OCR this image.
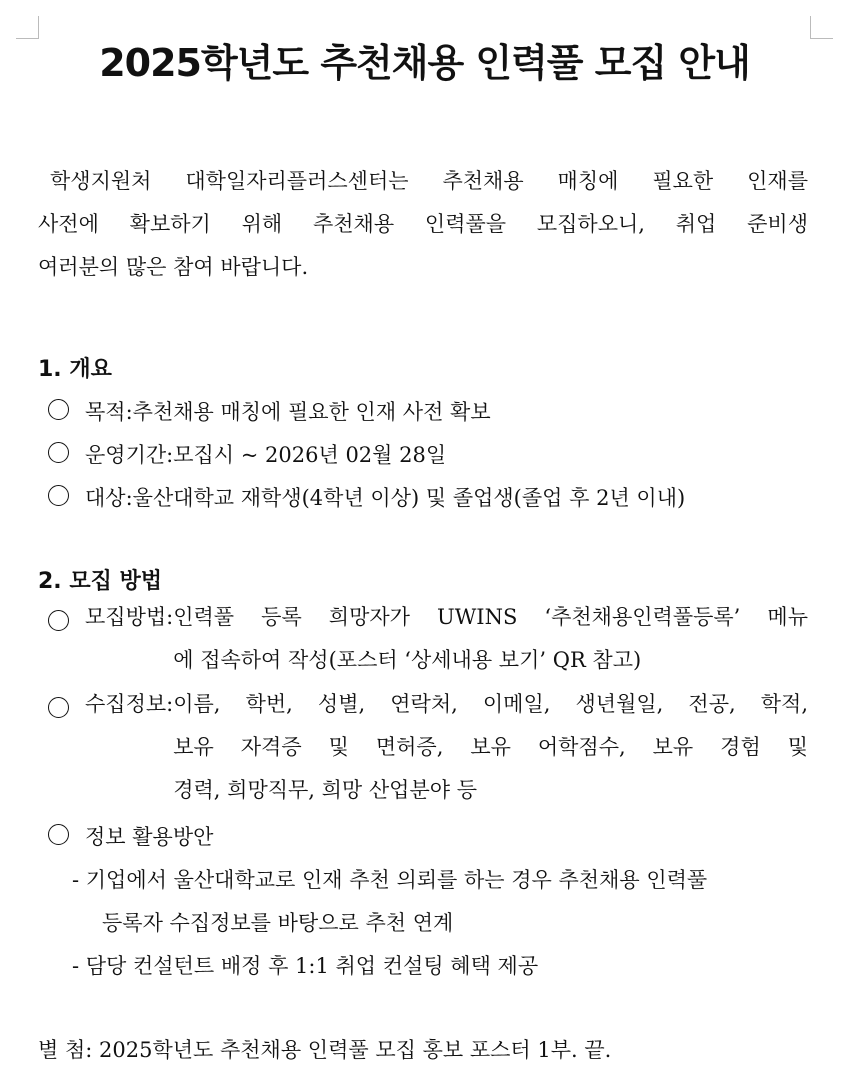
2025학년도 추천채용 인력풀 모집 안내
학생지원처 대학일자리플러스센터는 추천채용 매칭에 필요한 인재를
사전에 확보하기 위해 추천채용 인력풀을 모집하오니, 취업 준비생
여러분의 많은 참여 바랍니다.
1. 개요
목적: 추천채용 매칭에 필요한 인재 사전 확보
운영기간: 모집시 ~ 2026년 02월 28일
대상: 울산대학교 재학생(4학년 이상) 및 졸업생(졸업 후 2년 이내)
2. 모집 방법
모집방법: 인력풀 등록 희망자가 UWINS ‘추천채용인력풀등록’ 메뉴
에 접속하여 작성(포스터 ‘상세내용 보기’ QR 참고)
수집정보: 이름, 학번, 성별, 연락처, 이메일, 생년월일, 전공, 학적,
보유 자격증 및 면허증, 보유 어학점수, 보유 경험 및
경력, 희망직무, 희망 산업분야 등
정보 활용방안
- 기업에서 울산대학교로 인재 추천 의뢰를 하는 경우 추천채용 인력풀
등록자 수집정보를 바탕으로 추천 연계
- 담당 컨설턴트 배정 후 1:1 취업 컨설팅 혜택 제공
별 첨: 2025학년도 추천채용 인력풀 모집 홍보 포스터 1부. 끝.
